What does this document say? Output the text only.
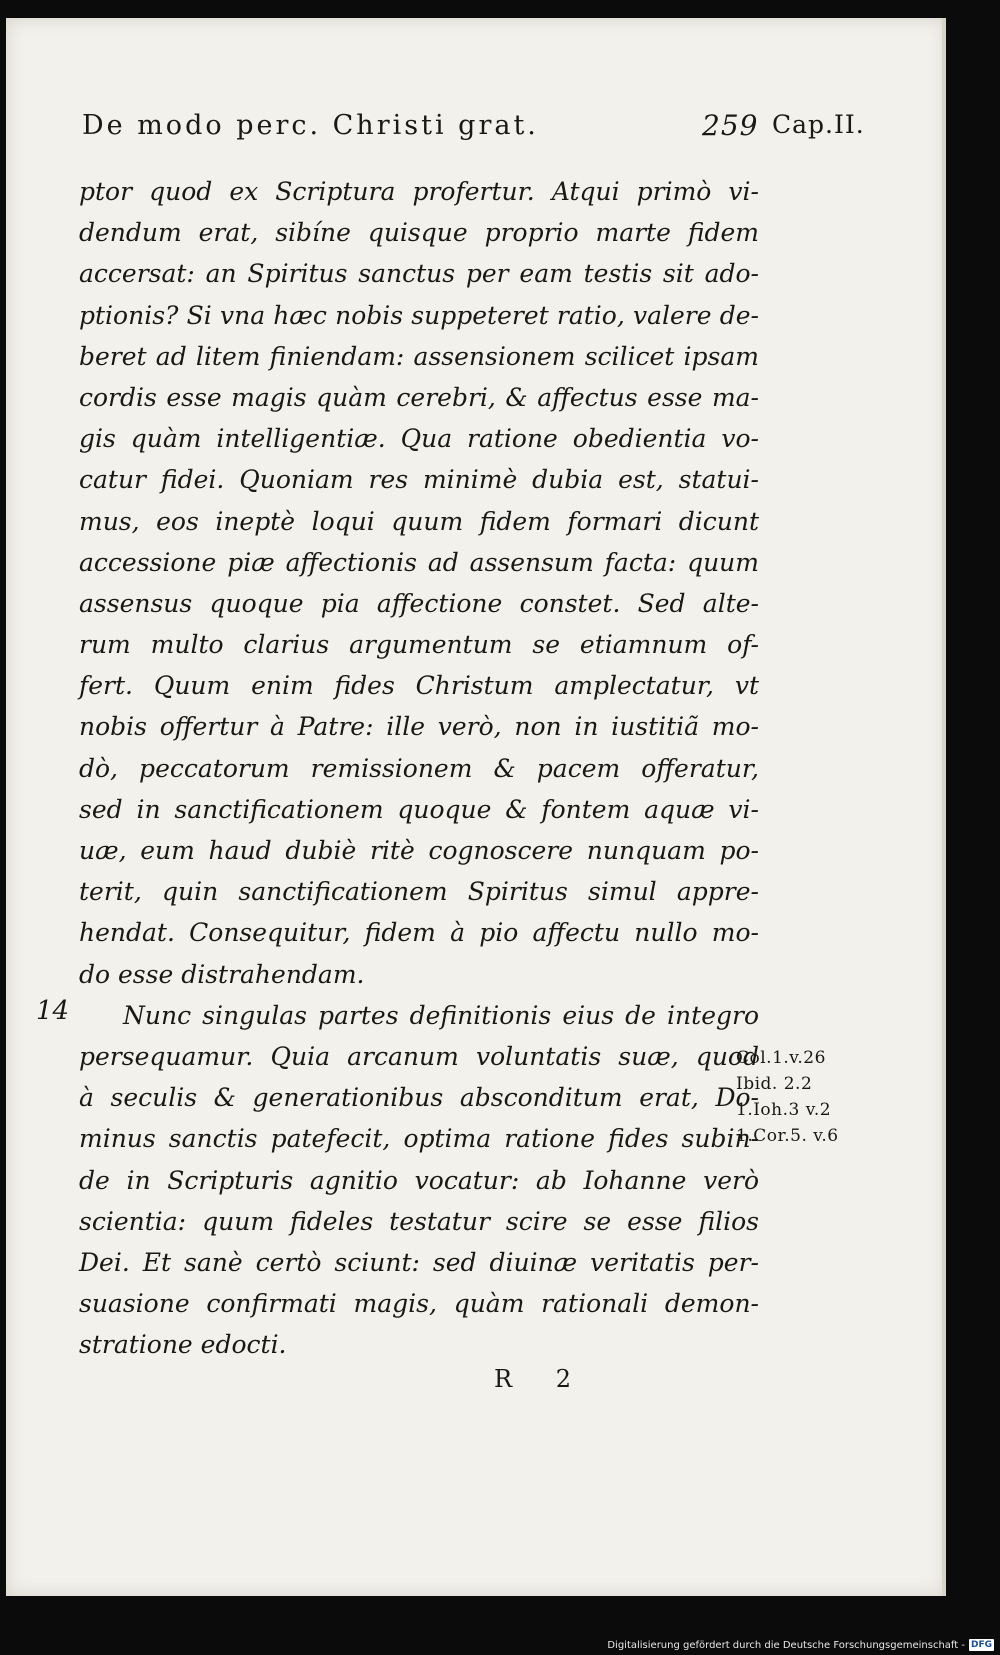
De modo perc. Christi grat.	259 Cap.II.
ptor quod ex Scriptura profertur. Atqui primò vi-
dendum erat, sibíne quisque proprio marte fidem
accersat: an Spiritus sanctus per eam testis sit ado-
ptionis? Si vna hæc nobis suppeteret ratio, valere de-
beret ad litem finiendam: assensionem scilicet ipsam
cordis esse magis quàm cerebri, & affectus esse ma-
gis quàm intelligentiæ. Qua ratione obedientia vo-
catur fidei. Quoniam res minimè dubia est, statui-
mus, eos ineptè loqui quum fidem formari dicunt
accessione piæ affectionis ad assensum facta: quum
assensus quoque pia affectione constet. Sed alte-
rum multo clarius argumentum se etiamnum of-
fert. Quum enim fides Christum amplectatur, vt
nobis offertur à Patre: ille verò, non in iustitiã mo-
dò, peccatorum remissionem & pacem offeratur,
sed in sanctificationem quoque & fontem aquæ vi-
uæ, eum haud dubiè ritè cognoscere nunquam po-
terit, quin sanctificationem Spiritus simul appre-
hendat. Consequitur, fidem à pio affectu nullo mo-
do esse distrahendam.
Nunc singulas partes definitionis eius de integro
persequamur. Quia arcanum voluntatis suæ, quod
à seculis & generationibus absconditum erat, Do-
minus sanctis patefecit, optima ratione fides subin-
de in Scripturis agnitio vocatur: ab Iohanne verò
scientia: quum fideles testatur scire se esse filios
Dei. Et sanè certò sciunt: sed diuinæ veritatis per-
suasione confirmati magis, quàm rationali demon-
stratione edocti.
14
Col.1.v.26
Ibid. 2.2
1.Ioh.3 v.2
1.Cor.5. v.6
R 2
Digitalisierung gefördert durch die Deutsche Forschungsgemeinschaft - DFG
